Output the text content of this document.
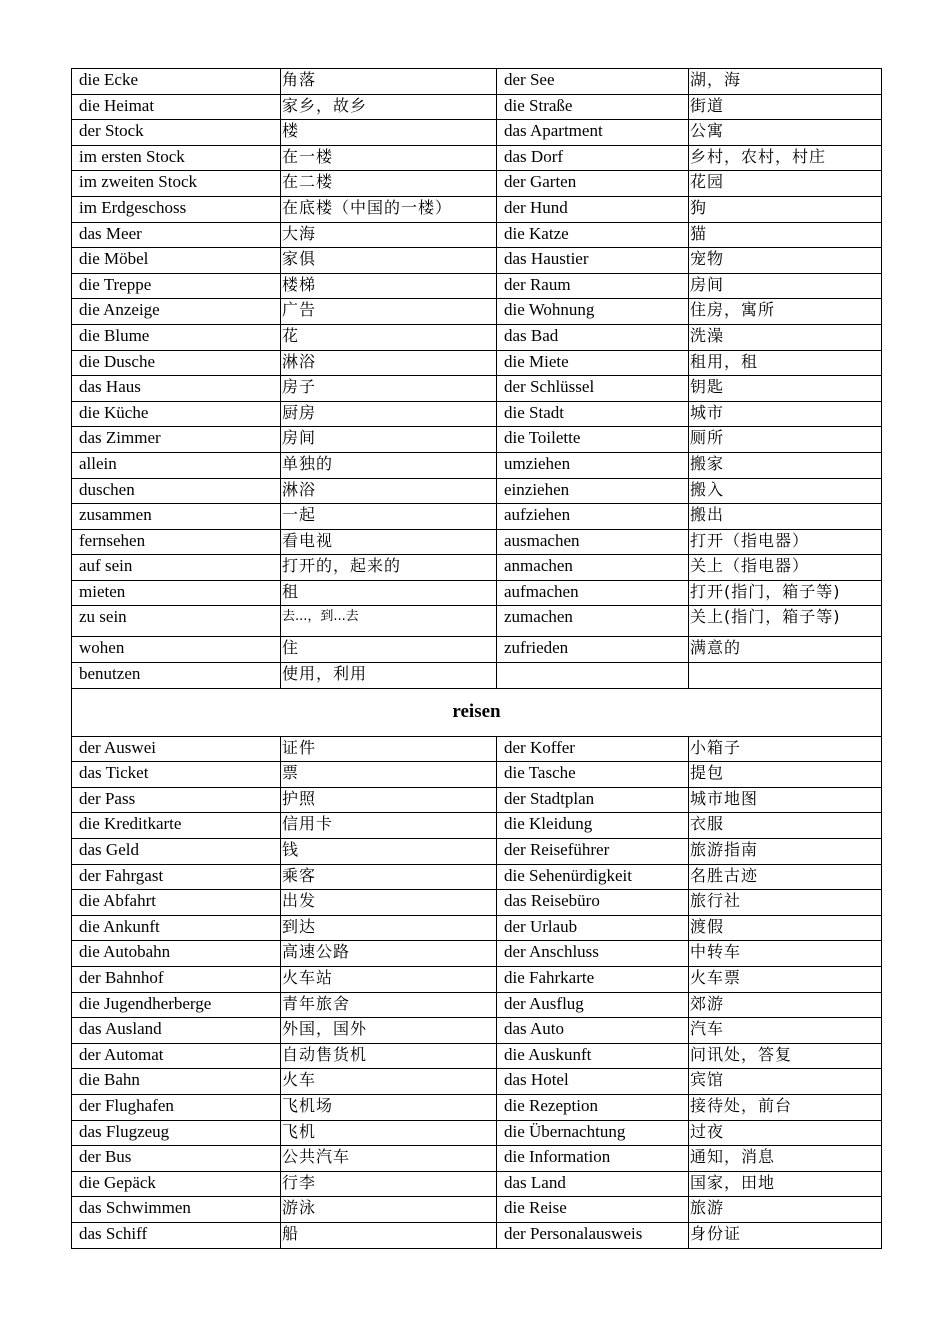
die Ecke	角落	der See	湖，海
die Heimat	家乡，故乡	die Straße	街道
der Stock	楼	das Apartment	公寓
im ersten Stock	在一楼	das Dorf	乡村，农村，村庄
im zweiten Stock	在二楼	der Garten	花园
im Erdgeschoss	在底楼（中国的一楼）	der Hund	狗
das Meer	大海	die Katze	猫
die Möbel	家俱	das Haustier	宠物
die Treppe	楼梯	der Raum	房间
die Anzeige	广告	die Wohnung	住房，寓所
die Blume	花	das Bad	洗澡
die Dusche	淋浴	die Miete	租用，租
das Haus	房子	der Schlüssel	钥匙
die Küche	厨房	die Stadt	城市
das Zimmer	房间	die Toilette	厕所
allein	单独的	umziehen	搬家
duschen	淋浴	einziehen	搬入
zusammen	一起	aufziehen	搬出
fernsehen	看电视	ausmachen	打开（指电器）
auf sein	打开的，起来的	anmachen	关上（指电器）
mieten	租	aufmachen	打开(指门，箱子等)
zu sein	去...，到...去	zumachen	关上(指门，箱子等)
wohen	住	zufrieden	满意的
benutzen	使用，利用		
reisen			
der Auswei	证件	der Koffer	小箱子
das Ticket	票	die Tasche	提包
der Pass	护照	der Stadtplan	城市地图
die Kreditkarte	信用卡	die Kleidung	衣服
das Geld	钱	der Reiseführer	旅游指南
der Fahrgast	乘客	die Sehenürdigkeit	名胜古迹
die Abfahrt	出发	das Reisebüro	旅行社
die Ankunft	到达	der Urlaub	渡假
die Autobahn	高速公路	der Anschluss	中转车
der Bahnhof	火车站	die Fahrkarte	火车票
die Jugendherberge	青年旅舍	der Ausflug	郊游
das Ausland	外国，国外	das Auto	汽车
der Automat	自动售货机	die Auskunft	问讯处，答复
die Bahn	火车	das Hotel	宾馆
der Flughafen	飞机场	die Rezeption	接待处，前台
das Flugzeug	飞机	die Übernachtung	过夜
der Bus	公共汽车	die Information	通知，消息
die Gepäck	行李	das Land	国家，田地
das Schwimmen	游泳	die Reise	旅游
das Schiff	船	der Personalausweis	身份证
